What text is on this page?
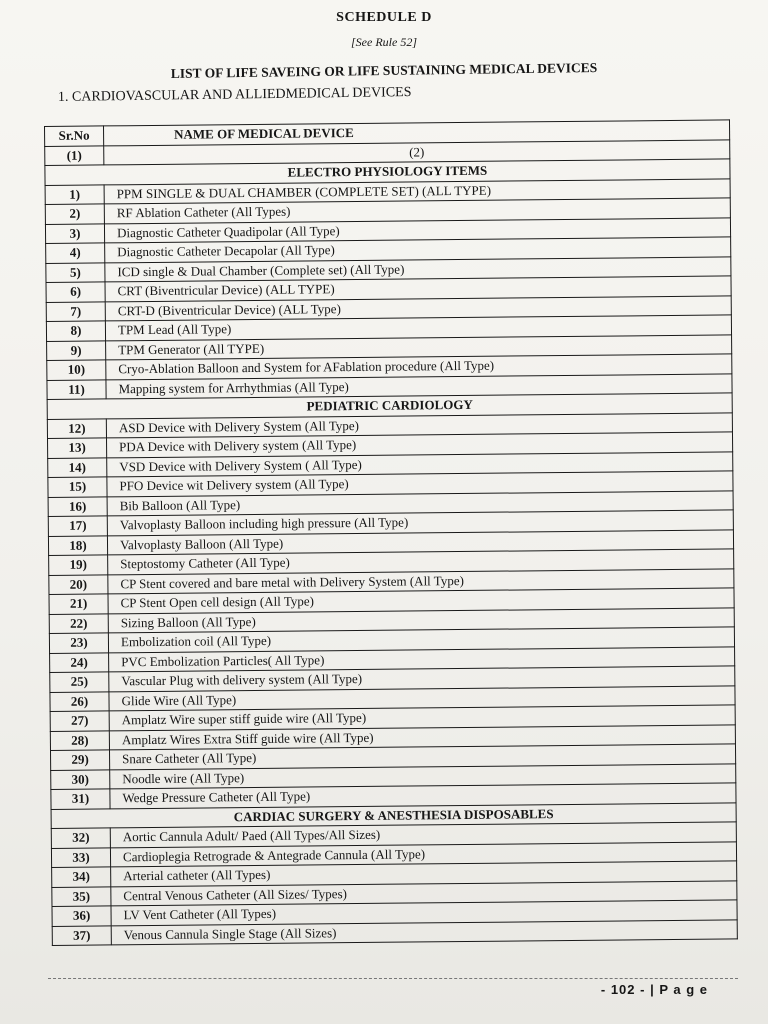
SCHEDULE D
[See Rule 52]
LIST OF LIFE SAVEING OR LIFE SUSTAINING MEDICAL DEVICES
1. CARDIOVASCULAR AND ALLIEDMEDICAL DEVICES
Sr.No	NAME OF MEDICAL DEVICE
(1)	(2)
ELECTRO PHYSIOLOGY ITEMS	
1)	PPM SINGLE & DUAL CHAMBER (COMPLETE SET) (ALL TYPE)
2)	RF Ablation Catheter (All Types)
3)	Diagnostic Catheter Quadipolar (All Type)
4)	Diagnostic Catheter Decapolar (All Type)
5)	ICD single & Dual Chamber (Complete set) (All Type)
6)	CRT (Biventricular Device) (ALL TYPE)
7)	CRT-D (Biventricular Device) (ALL Type)
8)	TPM Lead (All Type)
9)	TPM Generator (All TYPE)
10)	Cryo-Ablation Balloon and System for AFablation procedure (All Type)
11)	Mapping system for Arrhythmias (All Type)
PEDIATRIC CARDIOLOGY	
12)	ASD Device with Delivery System (All Type)
13)	PDA Device with Delivery system (All Type)
14)	VSD Device with Delivery System ( All Type)
15)	PFO Device wit Delivery system (All Type)
16)	Bib Balloon (All Type)
17)	Valvoplasty Balloon including high pressure (All Type)
18)	Valvoplasty Balloon (All Type)
19)	Steptostomy Catheter (All Type)
20)	CP Stent covered and bare metal with Delivery System (All Type)
21)	CP Stent Open cell design (All Type)
22)	Sizing Balloon (All Type)
23)	Embolization coil (All Type)
24)	PVC Embolization Particles( All Type)
25)	Vascular Plug with delivery system (All Type)
26)	Glide Wire (All Type)
27)	Amplatz Wire super stiff guide wire (All Type)
28)	Amplatz Wires Extra Stiff guide wire (All Type)
29)	Snare Catheter (All Type)
30)	Noodle wire (All Type)
31)	Wedge Pressure Catheter (All Type)
CARDIAC SURGERY & ANESTHESIA DISPOSABLES	
32)	Aortic Cannula Adult/ Paed (All Types/All Sizes)
33)	Cardioplegia Retrograde & Antegrade Cannula (All Type)
34)	Arterial catheter (All Types)
35)	Central Venous Catheter (All Sizes/ Types)
36)	LV Vent Catheter (All Types)
37)	Venous Cannula Single Stage (All Sizes)
- 102 - | P a g e
